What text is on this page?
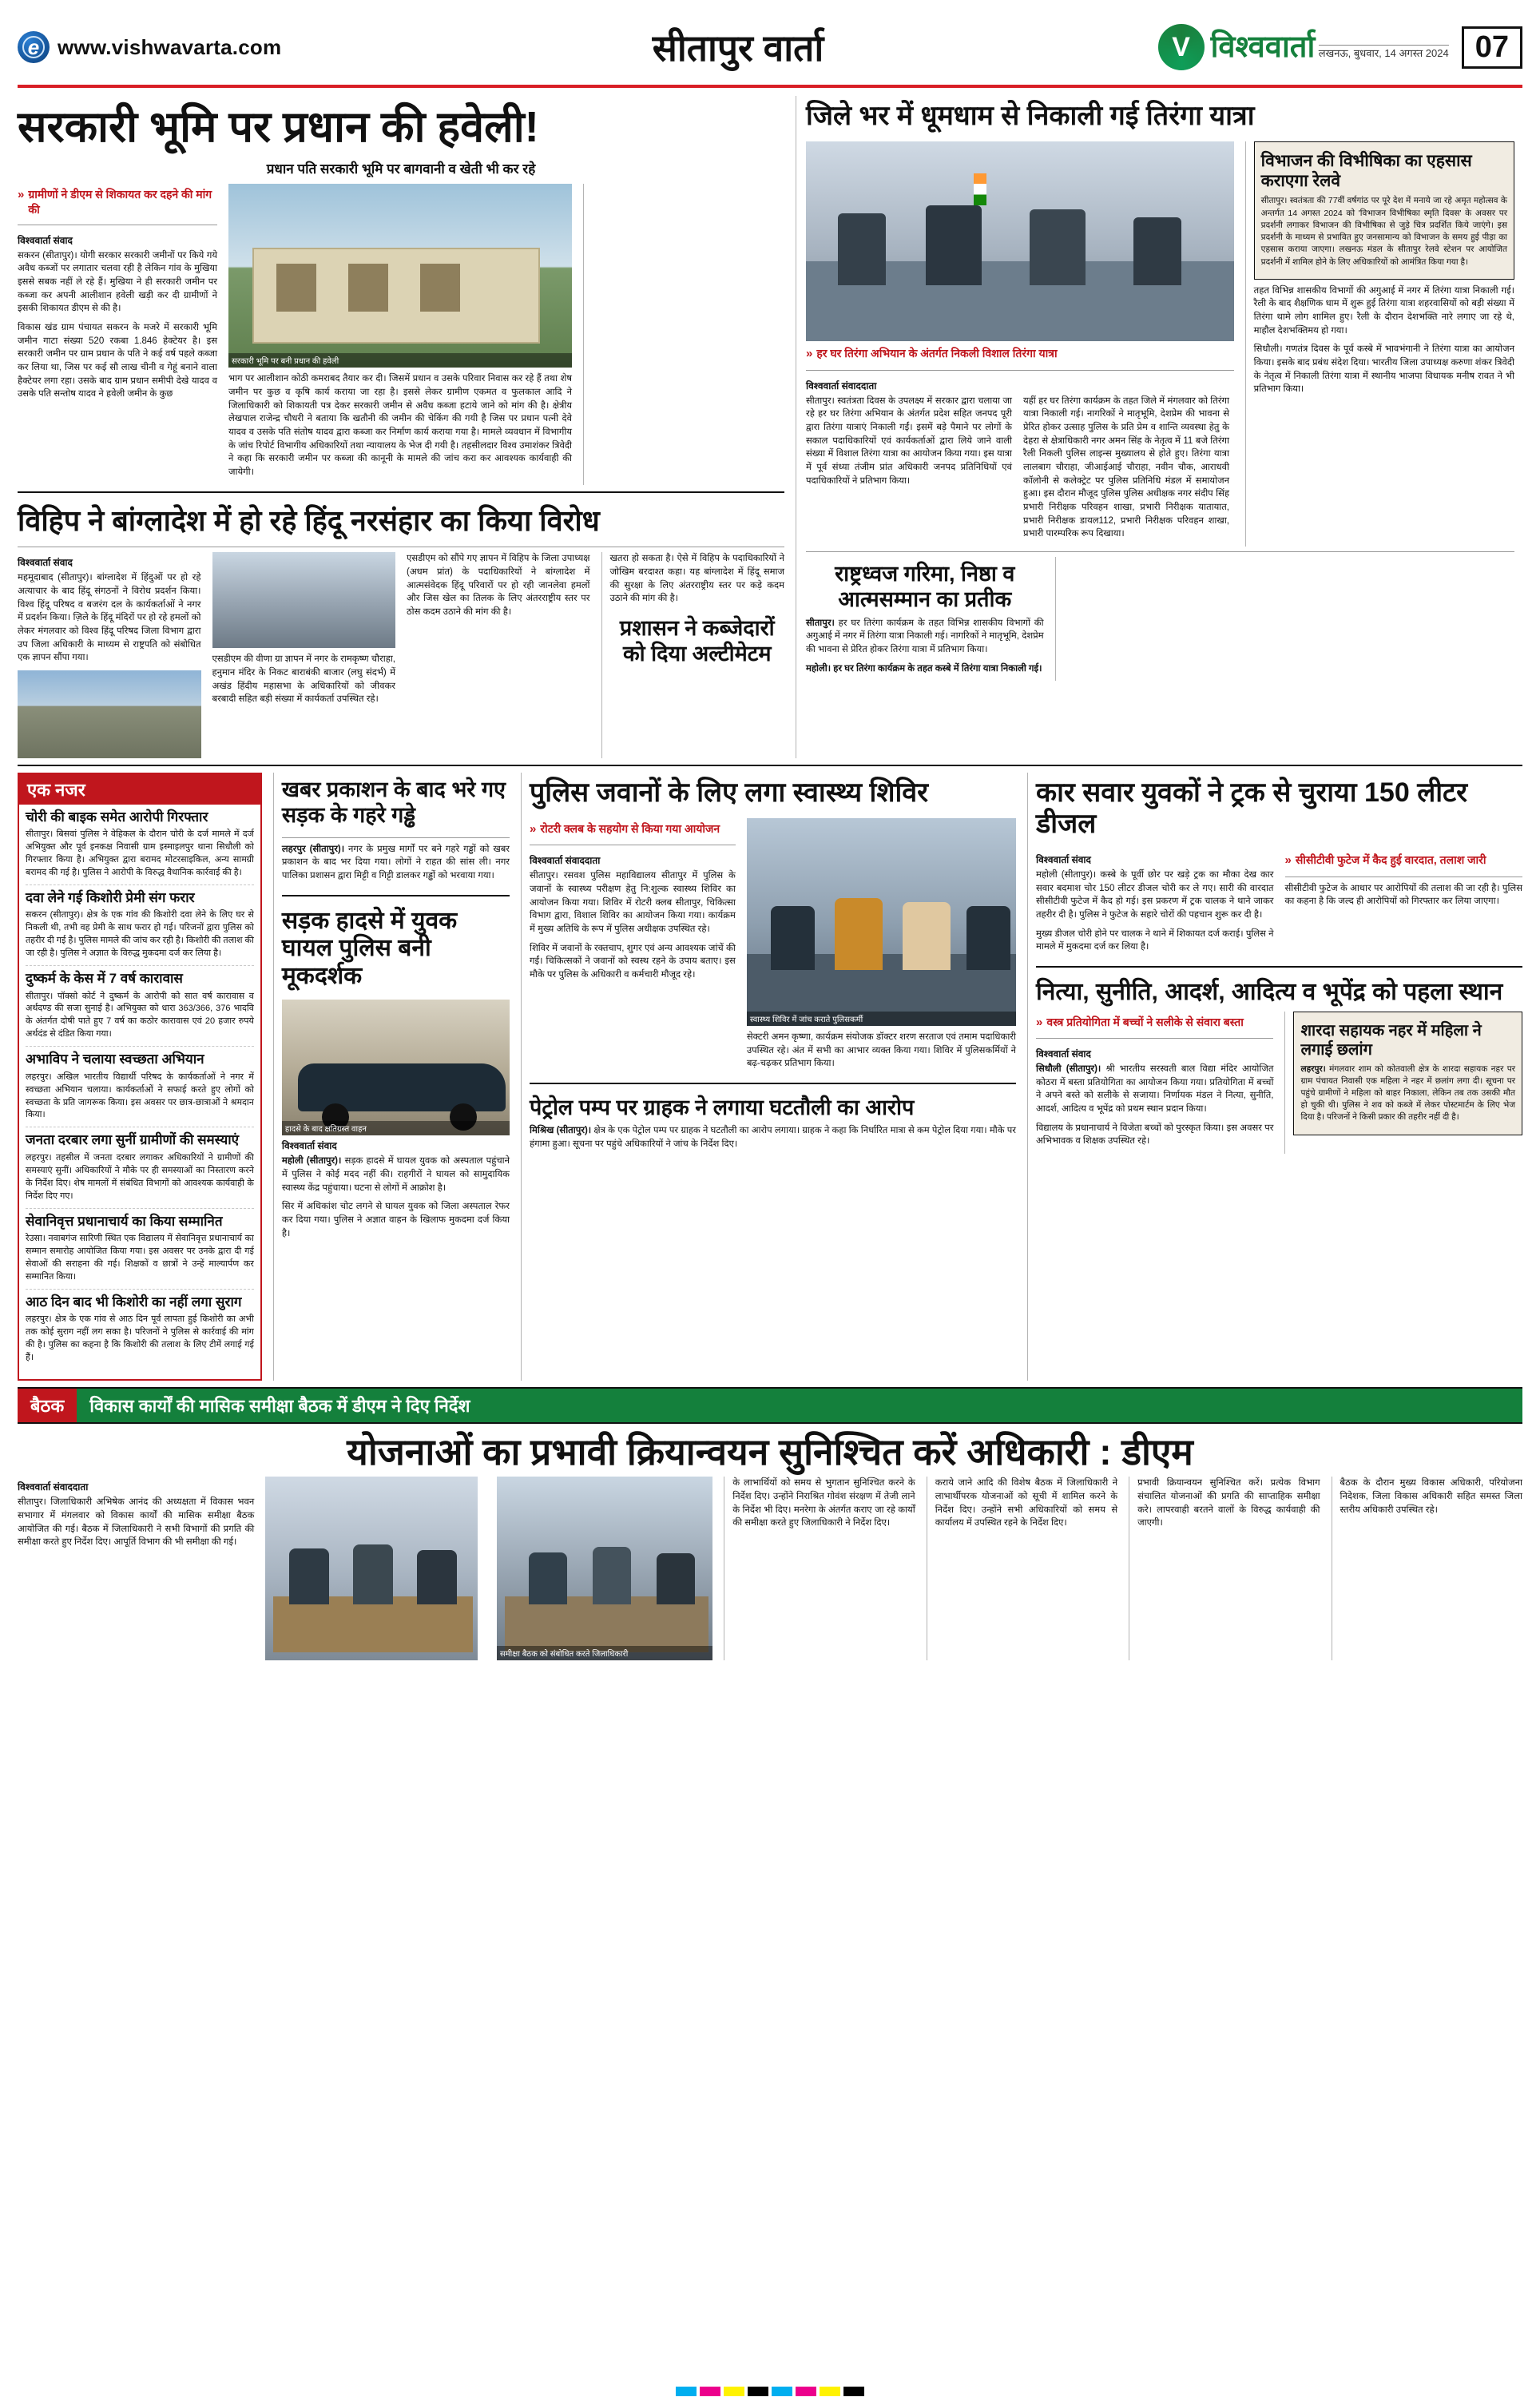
e
www.vishwavarta.com	सीतापुर वार्ता	V विश्ववार्ता लखनऊ, बुधवार, 14 अगस्त 2024 07
सरकारी भूमि पर प्रधान की हवेली!
प्रधान पति सरकारी भूमि पर बागवानी व खेती भी कर रहे
» ग्रामीणों ने डीएम से शिकायत कर दहने की मांग की
विश्ववार्ता संवाद

सकरन (सीतापुर)। योगी सरकार सरकारी जमीनों पर किये गये अवैध कब्जों पर लगातार चलवा रही है लेकिन गांव के मुखिया इससे सबक नहीं ले रहे हैं। मुखिया ने ही सरकारी जमीन पर कब्जा कर अपनी आलीशान हवेली खड़ी कर दी ग्रामीणों ने इसकी शिकायत डीएम से की है।

विकास खंड ग्राम पंचायत सकरन के मजरे में सरकारी भूमि जमीन गाटा संख्या 520 रकबा 1.846 हेक्टेयर है। इस सरकारी जमीन पर ग्राम प्रधान के पति ने कई वर्ष पहले कब्जा कर लिया था, जिस पर कई सौ लाख चीनी व गेहूं बनाने वाला हैक्टेयर लगा रहा। उसके बाद ग्राम प्रधान समीपी देखे यादव व उसके पति सन्तोष यादव ने हवेली जमीन के कुछ

सरकारी भूमि पर बनी प्रधान की हवेली

भाग पर आलीशान कोठी कमराबद तैयार कर दी। जिसमें प्रधान व उसके परिवार निवास कर रहे हैं तथा शेष जमीन पर कुछ व कृषि कार्य कराया जा रहा है। इससे लेकर ग्रामीण एकमत व फुलकाल आदि ने जिलाधिकारी को शिकायती पत्र देकर सरकारी जमीन से अवैध कब्जा हटाये जाने को मांग की है। क्षेत्रीय लेखपाल राजेन्द्र चौधरी ने बताया कि खतौनी की जमीन की चेकिंग की गयी है जिस पर प्रधान पत्नी देवे यादव व उसके पति संतोष यादव द्वारा कब्जा कर निर्माण कार्य कराया गया है। मामले व्यवधान में विभागीय के जांच रिपोर्ट विभागीय अधिकारियों तथा न्यायालय के भेज दी गयी है। तहसीलदार विश्व उमाशंकर त्रिवेदी ने कहा कि सरकारी जमीन पर कब्जा की कानूनी के मामले की जांच करा कर आवश्यक कार्यवाही की जायेगी।

विहिप ने बांग्लादेश में हो रहे हिंदू नरसंहार का किया विरोध
विश्ववार्ता संवाद

महमूदाबाद (सीतापुर)। बांग्लादेश में हिंदुओं पर हो रहे अत्याचार के बाद हिंदू संगठनों ने विरोध प्रदर्शन किया। विश्व हिंदू परिषद व बजरंग दल के कार्यकर्ताओं ने नगर में प्रदर्शन किया। ज़िले के हिंदू मंदिरों पर हो रहे हमलों को लेकर मंगलवार को विश्व हिंदू परिषद जिला विभाग द्वारा उप जिला अधिकारी के माध्यम से राष्ट्रपति को संबोधित एक ज्ञापन सौंपा गया।	एसडीएम की वीणा ग्रा ज्ञापन में नगर के रामकृष्ण चौराहा, हनुमान मंदिर के निकट बाराबंकी बाजार (लघु संदर्भ) में अखंड हिंदीय महासभा के अधिकारियों को जीवकर बरबादी सहित बड़ी संख्या में कार्यकर्ता उपस्थित रहे।

एसडीएम को सौंपे गए ज्ञापन में विहिप के जिला उपाध्यक्ष (अधम प्रांत) के पदाधिकारियों ने बांग्लादेश में आत्मसंवेदक हिंदू परिवारों पर हो रही जानलेवा हमलों और जिस खेल का तिलक के लिए अंतरराष्ट्रीय स्तर पर ठोस कदम उठाने की मांग की है।

खतरा हो सकता है। ऐसे में विहिप के पदाधिकारियों ने जोखिम बरदाश्त कहा। यह बांग्लादेश में हिंदू समाज की सुरक्षा के लिए अंतरराष्ट्रीय स्तर पर कड़े कदम उठाने की मांग की है।

प्रशासन ने कब्जेदारों को दिया अल्टीमेटम
जिले भर में धूमधाम से निकाली गई तिरंगा यात्रा
» हर घर तिरंगा अभियान के अंतर्गत निकली विशाल तिरंगा यात्रा
विश्ववार्ता संवाददाता

सीतापुर। स्वतंत्रता दिवस के उपलक्ष्य में सरकार द्वारा चलाया जा रहे हर घर तिरंगा अभियान के अंतर्गत प्रदेश सहित जनपद पूरी द्वारा तिरंगा यात्राएं निकाली गईं। इसमें बड़े पैमाने पर लोगों के सकाल पदाधिकारियों एवं कार्यकर्ताओं द्वारा लिये जाने वाली संख्या में विशाल तिरंगा यात्रा का आयोजन किया गया। इस यात्रा में पूर्व संध्या तंजीम प्रांत अधिकारी जनपद प्रतिनिधियों एवं पदाधिकारियों ने प्रतिभाग किया।

यहीं हर घर तिरंगा कार्यक्रम के तहत जिले में मंगलवार को तिरंगा यात्रा निकाली गई। नागरिकों ने मातृभूमि, देशप्रेम की भावना से प्रेरित होकर उत्साह पुलिस के प्रति प्रेम व शान्ति व्यवस्था हेतु के देहरा से क्षेत्राधिकारी नगर अमन सिंह के नेतृत्व में 11 बजे तिरंगा रैली निकली पुलिस लाइन्स मुख्यालय से होते हुए। तिरंगा यात्रा लालबाग चौराहा, जीआईआई चौराहा, नवीन चौक, आराधवी कॉलोनी से कलेक्ट्रेट पर पुलिस प्रतिनिधि मंडल में समायोजन हुआ। इस दौरान मौजूद पुलिस पुलिस अधीक्षक नगर संदीप सिंह प्रभारी निरीक्षक परिवहन शाखा, प्रभारी निरीक्षक यातायात, प्रभारी निरीक्षक डायल112, प्रभारी निरीक्षक परिवहन शाखा, प्रभारी पारम्परिक रूप दिखाया।

विभाजन की विभीषिका का एहसास कराएगा रेलवे

सीतापुर। स्वतंत्रता की 77वीं वर्षगांठ पर पूरे देश में मनाये जा रहे अमृत महोत्सव के अन्तर्गत 14 अगस्त 2024 को 'विभाजन विभीषिका स्मृति दिवस' के अवसर पर प्रदर्शनी लगाकर विभाजन की विभीषिका से जुड़े चित्र प्रदर्शित किये जाएंगे। इस प्रदर्शनी के माध्यम से प्रभावित हुए जनसामान्य को विभाजन के समय हुई पीड़ा का एहसास कराया जाएगा। लखनऊ मंडल के सीतापुर रेलवे स्टेशन पर आयोजित प्रदर्शनी में शामिल होने के लिए अधिकारियों को आमंत्रित किया गया है।

तहत विभिन्न शासकीय विभागों की अगुआई में नगर में तिरंगा यात्रा निकाली गई। रैली के बाद शैक्षणिक धाम में शुरू हुई तिरंगा यात्रा शहरवासियों को बड़ी संख्या में तिरंगा थामे लोग शामिल हुए। रैली के दौरान देशभक्ति नारे लगाए जा रहे थे, माहौल देशभक्तिमय हो गया।

सिधौली। गणतंत्र दिवस के पूर्व कस्बे में भावभंगानी ने तिरंगा यात्रा का आयोजन किया। इसके बाद प्रबंध संदेश दिया। भारतीय जिला उपाध्यक्ष करुणा शंकर त्रिवेदी के नेतृत्व में निकाली तिरंगा यात्रा में स्थानीय भाजपा विधायक मनीष रावत ने भी प्रतिभाग किया।

राष्ट्रध्वज गरिमा, निष्ठा व आत्मसम्मान का प्रतीक

सीतापुर। हर घर तिरंगा कार्यक्रम के तहत विभिन्न शासकीय विभागों की अगुआई में नगर में तिरंगा यात्रा निकाली गई। नागरिकों ने मातृभूमि, देशप्रेम की भावना से प्रेरित होकर तिरंगा यात्रा में प्रतिभाग किया।

महोली। हर घर तिरंगा कार्यक्रम के तहत कस्बे में तिरंगा यात्रा निकाली गई।

एक नजर
चोरी की बाइक समेत आरोपी गिरफ्तार

सीतापुर। बिसवां पुलिस ने वेहिकल के दौरान चोरी के दर्ज मामले में दर्ज अभियुक्त और पूर्व इनकक्ष निवासी ग्राम इस्माइलपुर थाना सिधौली को गिरफ्तार किया है। अभियुक्त द्वारा बरामद मोटरसाइकिल, अन्य सामग्री बरामद की गई है। पुलिस ने आरोपी के विरुद्ध वैधानिक कार्रवाई की है।

दवा लेने गई किशोरी प्रेमी संग फरार

सकरन (सीतापुर)। क्षेत्र के एक गांव की किशोरी दवा लेने के लिए घर से निकली थी, तभी वह प्रेमी के साथ फरार हो गई। परिजनों द्वारा पुलिस को तहरीर दी गई है। पुलिस मामले की जांच कर रही है। किशोरी की तलाश की जा रही है। पुलिस ने अज्ञात के विरुद्ध मुकदमा दर्ज कर लिया है।

दुष्कर्म के केस में 7 वर्ष कारावास

सीतापुर। पॉक्सो कोर्ट ने दुष्कर्म के आरोपी को सात वर्ष कारावास व अर्थदण्ड की सजा सुनाई है। अभियुक्त को धारा 363/366, 376 भादवि के अंतर्गत दोषी पाते हुए 7 वर्ष का कठोर कारावास एवं 20 हजार रुपये अर्थदंड से दंडित किया गया।

अभाविप ने चलाया स्वच्छता अभियान

लहरपुर। अखिल भारतीय विद्यार्थी परिषद के कार्यकर्ताओं ने नगर में स्वच्छता अभियान चलाया। कार्यकर्ताओं ने सफाई करते हुए लोगों को स्वच्छता के प्रति जागरूक किया। इस अवसर पर छात्र-छात्राओं ने श्रमदान किया।

जनता दरबार लगा सुनीं ग्रामीणों की समस्याएं

लहरपुर। तहसील में जनता दरबार लगाकर अधिकारियों ने ग्रामीणों की समस्याएं सुनीं। अधिकारियों ने मौके पर ही समस्याओं का निस्तारण करने के निर्देश दिए। शेष मामलों में संबंधित विभागों को आवश्यक कार्यवाही के निर्देश दिए गए।

सेवानिवृत्त प्रधानाचार्य का किया सम्मानित

रेउसा। नवाबगंज सारिणी स्थित एक विद्यालय में सेवानिवृत्त प्रधानाचार्य का सम्मान समारोह आयोजित किया गया। इस अवसर पर उनके द्वारा दी गई सेवाओं की सराहना की गई। शिक्षकों व छात्रों ने उन्हें माल्यार्पण कर सम्मानित किया।

आठ दिन बाद भी किशोरी का नहीं लगा सुराग

लहरपुर। क्षेत्र के एक गांव से आठ दिन पूर्व लापता हुई किशोरी का अभी तक कोई सुराग नहीं लग सका है। परिजनों ने पुलिस से कार्रवाई की मांग की है। पुलिस का कहना है कि किशोरी की तलाश के लिए टीमें लगाई गई हैं।

खबर प्रकाशन के बाद भरे गए सड़क के गहरे गड्ढे

लहरपुर (सीतापुर)। नगर के प्रमुख मार्गों पर बने गहरे गड्ढों को खबर प्रकाशन के बाद भर दिया गया। लोगों ने राहत की सांस ली। नगर पालिका प्रशासन द्वारा मिट्टी व गिट्टी डालकर गड्ढों को भरवाया गया।

सड़क हादसे में युवक घायल पुलिस बनी मूकदर्शक
हादसे के बाद क्षतिग्रस्त वाहन
विश्ववार्ता संवाद

महोली (सीतापुर)। सड़क हादसे में घायल युवक को अस्पताल पहुंचाने में पुलिस ने कोई मदद नहीं की। राहगीरों ने घायल को सामुदायिक स्वास्थ्य केंद्र पहुंचाया। घटना से लोगों में आक्रोश है।

सिर में अधिकांश चोट लगने से घायल युवक को जिला अस्पताल रेफर कर दिया गया। पुलिस ने अज्ञात वाहन के खिलाफ मुकदमा दर्ज किया है।

पुलिस जवानों के लिए लगा स्वास्थ्य शिविर
» रोटरी क्लब के सहयोग से किया गया आयोजन
विश्ववार्ता संवाददाता

सीतापुर। रसवश पुलिस महाविद्यालय सीतापुर में पुलिस के जवानों के स्वास्थ्य परीक्षण हेतु नि:शुल्क स्वास्थ्य शिविर का आयोजन किया गया। शिविर में रोटरी क्लब सीतापुर, चिकित्सा विभाग द्वारा, विशाल शिविर का आयोजन किया गया। कार्यक्रम में मुख्य अतिथि के रूप में पुलिस अधीक्षक उपस्थित रहे।

शिविर में जवानों के रक्तचाप, शुगर एवं अन्य आवश्यक जांचें की गईं। चिकित्सकों ने जवानों को स्वस्थ रहने के उपाय बताए। इस मौके पर पुलिस के अधिकारी व कर्मचारी मौजूद रहे।

स्वास्थ्य शिविर में जांच कराते पुलिसकर्मी

सेक्टरी अमन कृष्णा, कार्यक्रम संयोजक डॉक्टर शरण सरताज एवं तमाम पदाधिकारी उपस्थित रहे। अंत में सभी का आभार व्यक्त किया गया। शिविर में पुलिसकर्मियों ने बढ़-चढ़कर प्रतिभाग किया।

पेट्रोल पम्प पर ग्राहक ने लगाया घटतौली का आरोप

मिश्रिख (सीतापुर)। क्षेत्र के एक पेट्रोल पम्प पर ग्राहक ने घटतौली का आरोप लगाया। ग्राहक ने कहा कि निर्धारित मात्रा से कम पेट्रोल दिया गया। मौके पर हंगामा हुआ। सूचना पर पहुंचे अधिकारियों ने जांच के निर्देश दिए।

कार सवार युवकों ने ट्रक से चुराया 150 लीटर डीजल
विश्ववार्ता संवाद

महोली (सीतापुर)। कस्बे के पूर्वी छोर पर खड़े ट्रक का मौका देख कार सवार बदमाश चोर 150 लीटर डीजल चोरी कर ले गए। सारी की वारदात सीसीटीवी फुटेज में कैद हो गई। इस प्रकरण में ट्रक चालक ने थाने जाकर तहरीर दी है। पुलिस ने फुटेज के सहारे चोरों की पहचान शुरू कर दी है।

मुख्य डीजल चोरी होने पर चालक ने थाने में शिकायत दर्ज कराई। पुलिस ने मामले में मुकदमा दर्ज कर लिया है।

» सीसीटीवी फुटेज में कैद हुई वारदात, तलाश जारी

सीसीटीवी फुटेज के आधार पर आरोपियों की तलाश की जा रही है। पुलिस का कहना है कि जल्द ही आरोपियों को गिरफ्तार कर लिया जाएगा।

नित्या, सुनीति, आदर्श, आदित्य व भूपेंद्र को पहला स्थान
» वस्त्र प्रतियोगिता में बच्चों ने सलीके से संवारा बस्ता
विश्ववार्ता संवाद

सिधौली (सीतापुर)। श्री भारतीय सरस्वती बाल विद्या मंदिर आयोजित कोठरा में बस्ता प्रतियोगिता का आयोजन किया गया। प्रतियोगिता में बच्चों ने अपने बस्ते को सलीके से सजाया। निर्णायक मंडल ने नित्या, सुनीति, आदर्श, आदित्य व भूपेंद्र को प्रथम स्थान प्रदान किया।

विद्यालय के प्रधानाचार्य ने विजेता बच्चों को पुरस्कृत किया। इस अवसर पर अभिभावक व शिक्षक उपस्थित रहे।

शारदा सहायक नहर में महिला ने लगाई छलांग

लहरपुर। मंगलवार शाम को कोतवाली क्षेत्र के शारदा सहायक नहर पर ग्राम पंचायत निवासी एक महिला ने नहर में छलांग लगा दी। सूचना पर पहुंचे ग्रामीणों ने महिला को बाहर निकाला, लेकिन तब तक उसकी मौत हो चुकी थी। पुलिस ने शव को कब्जे में लेकर पोस्टमार्टम के लिए भेज दिया है। परिजनों ने किसी प्रकार की तहरीर नहीं दी है।

बैठक	विकास कार्यों की मासिक समीक्षा बैठक में डीएम ने दिए निर्देश
योजनाओं का प्रभावी क्रियान्वयन सुनिश्चित करें अधिकारी : डीएम
विश्ववार्ता संवाददाता

सीतापुर। जिलाधिकारी अभिषेक आनंद की अध्यक्षता में विकास भवन सभागार में मंगलवार को विकास कार्यों की मासिक समीक्षा बैठक आयोजित की गई। बैठक में जिलाधिकारी ने सभी विभागों की प्रगति की समीक्षा करते हुए निर्देश दिए। आपूर्ति विभाग की भी समीक्षा की गई।

समीक्षा बैठक को संबोधित करते जिलाधिकारी

के लाभार्थियों को समय से भुगतान सुनिश्चित करने के निर्देश दिए। उन्होंने निराश्रित गोवंश संरक्षण में तेजी लाने के निर्देश भी दिए। मनरेगा के अंतर्गत कराए जा रहे कार्यों की समीक्षा करते हुए जिलाधिकारी ने निर्देश दिए।

कराये जाने आदि की विशेष बैठक में जिलाधिकारी ने लाभार्थीपरक योजनाओं को सूची में शामिल करने के निर्देश दिए। उन्होंने सभी अधिकारियों को समय से कार्यालय में उपस्थित रहने के निर्देश दिए।

प्रभावी क्रियान्वयन सुनिश्चित करें। प्रत्येक विभाग संचालित योजनाओं की प्रगति की साप्ताहिक समीक्षा करे। लापरवाही बरतने वालों के विरुद्ध कार्यवाही की जाएगी।

बैठक के दौरान मुख्य विकास अधिकारी, परियोजना निदेशक, जिला विकास अधिकारी सहित समस्त जिला स्तरीय अधिकारी उपस्थित रहे।
